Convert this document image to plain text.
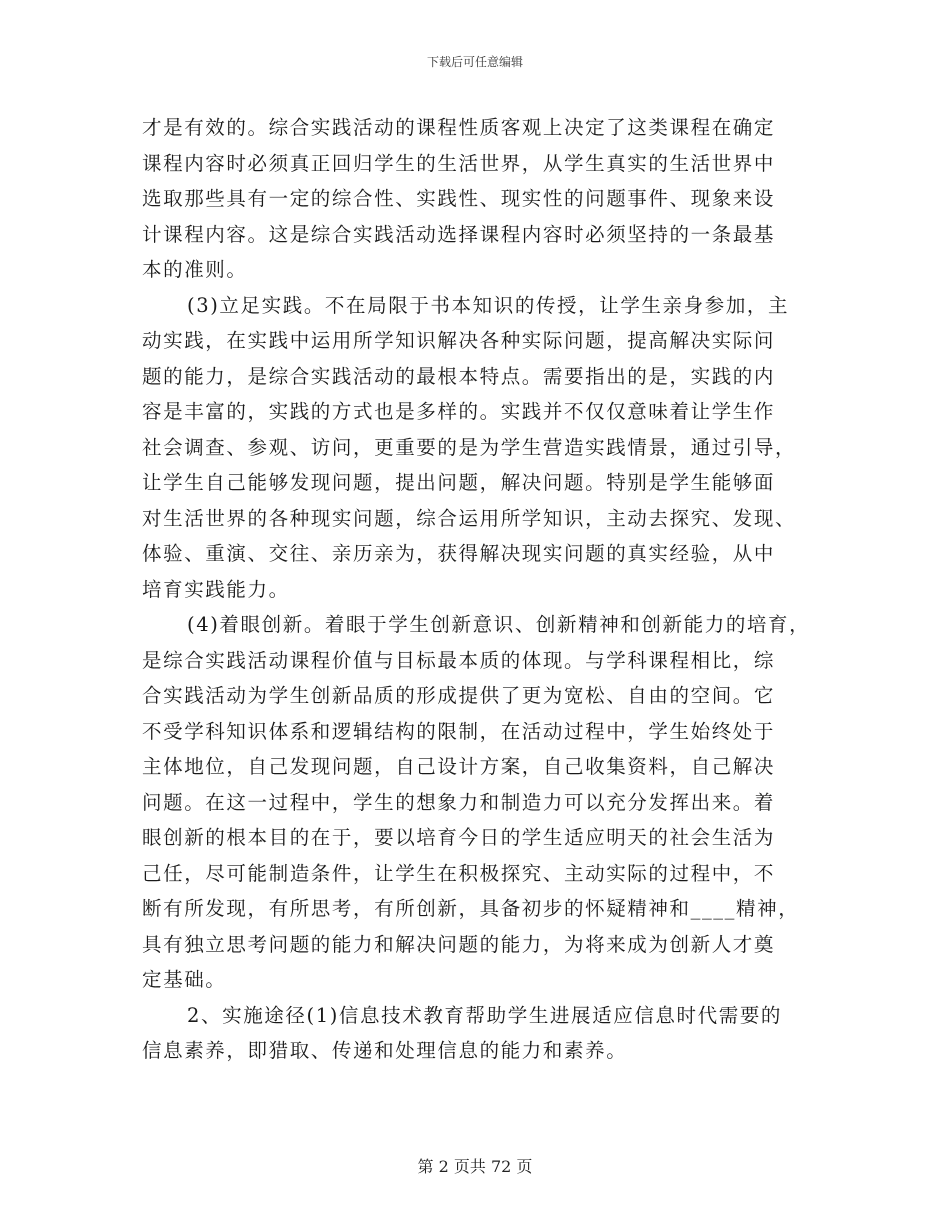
下载后可任意编辑
才是有效的。综合实践活动的课程性质客观上决定了这类课程在确定
课程内容时必须真正回归学生的生活世界，从学生真实的生活世界中
选取那些具有一定的综合性、实践性、现实性的问题事件、现象来设
计课程内容。这是综合实践活动选择课程内容时必须坚持的一条最基
本的准则。
(3)立足实践。不在局限于书本知识的传授，让学生亲身参加，主
动实践，在实践中运用所学知识解决各种实际问题，提高解决实际问
题的能力，是综合实践活动的最根本特点。需要指出的是，实践的内
容是丰富的，实践的方式也是多样的。实践并不仅仅意味着让学生作
社会调查、参观、访问，更重要的是为学生营造实践情景，通过引导，
让学生自己能够发现问题，提出问题，解决问题。特别是学生能够面
对生活世界的各种现实问题，综合运用所学知识，主动去探究、发现、
体验、重演、交往、亲历亲为，获得解决现实问题的真实经验，从中
培育实践能力。
(4)着眼创新。着眼于学生创新意识、创新精神和创新能力的培育，
是综合实践活动课程价值与目标最本质的体现。与学科课程相比，综
合实践活动为学生创新品质的形成提供了更为宽松、自由的空间。它
不受学科知识体系和逻辑结构的限制，在活动过程中，学生始终处于
主体地位，自己发现问题，自己设计方案，自己收集资料，自己解决
问题。在这一过程中，学生的想象力和制造力可以充分发挥出来。着
眼创新的根本目的在于，要以培育今日的学生适应明天的社会生活为
己任，尽可能制造条件，让学生在积极探究、主动实际的过程中，不
断有所发现，有所思考，有所创新，具备初步的怀疑精神和____精神，
具有独立思考问题的能力和解决问题的能力，为将来成为创新人才奠
定基础。
2、实施途径(1)信息技术教育帮助学生进展适应信息时代需要的
信息素养，即猎取、传递和处理信息的能力和素养。
第 2 页共 72 页
